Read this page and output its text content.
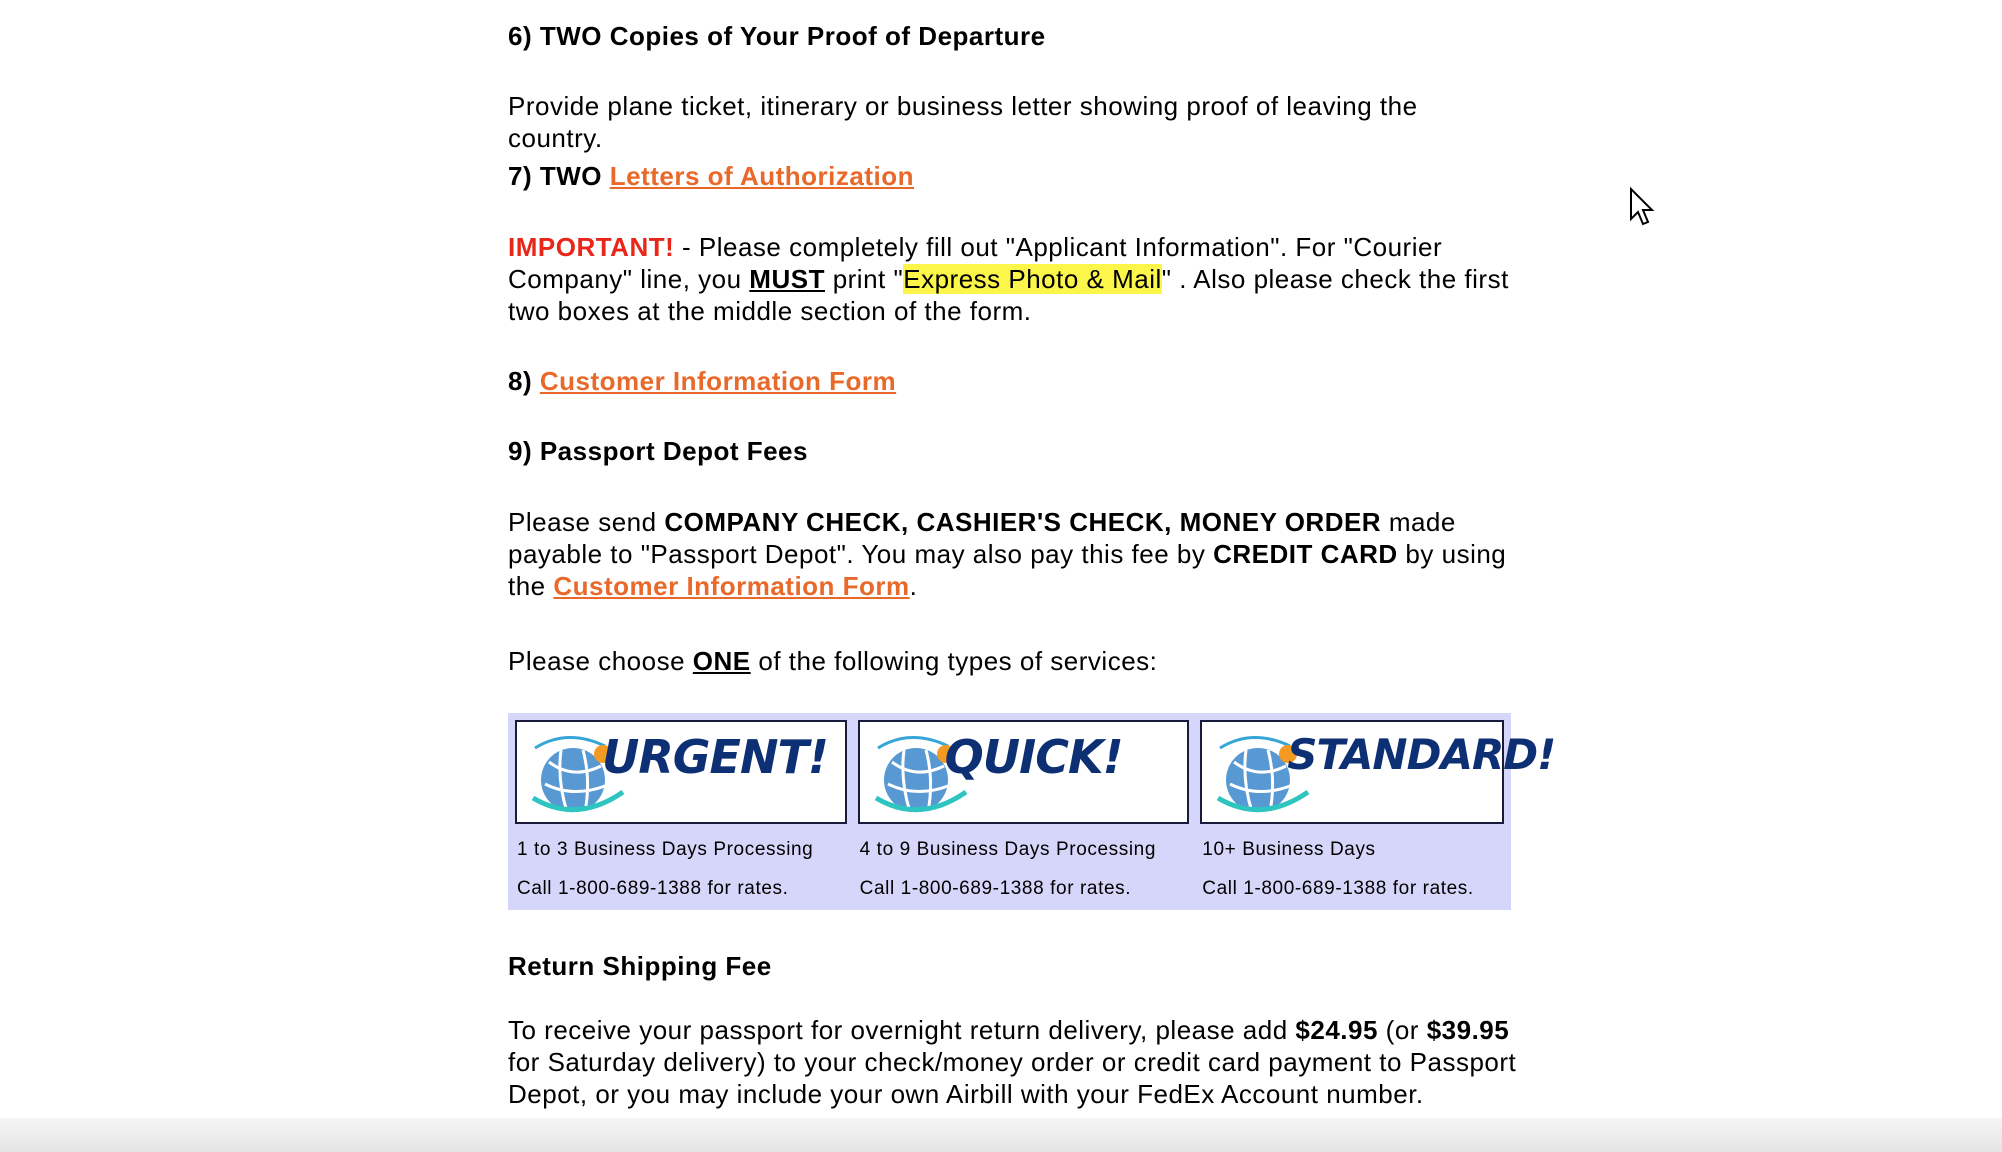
6) TWO Copies of Your Proof of Departure

Provide plane ticket, itinerary or business letter showing proof of leaving the country.

7) TWO Letters of Authorization

IMPORTANT! - Please completely fill out "Applicant Information". For "Courier Company" line, you MUST print "Express Photo & Mail" . Also please check the first two boxes at the middle section of the form.

8) Customer Information Form

9) Passport Depot Fees

Please send COMPANY CHECK, CASHIER'S CHECK, MONEY ORDER made payable to "Passport Depot". You may also pay this fee by CREDIT CARD by using the Customer Information Form.

Please choose ONE of the following types of services:

URGENT!	QUICK!	STANDARD!

1 to 3 Business Days Processing	4 to 9 Business Days Processing	10+ Business Days
Call 1-800-689-1388 for rates.	Call 1-800-689-1388 for rates.	Call 1-800-689-1388 for rates.

Return Shipping Fee

To receive your passport for overnight return delivery, please add $24.95 (or $39.95 for Saturday delivery) to your check/money order or credit card payment to Passport Depot, or you may include your own Airbill with your FedEx Account number.
